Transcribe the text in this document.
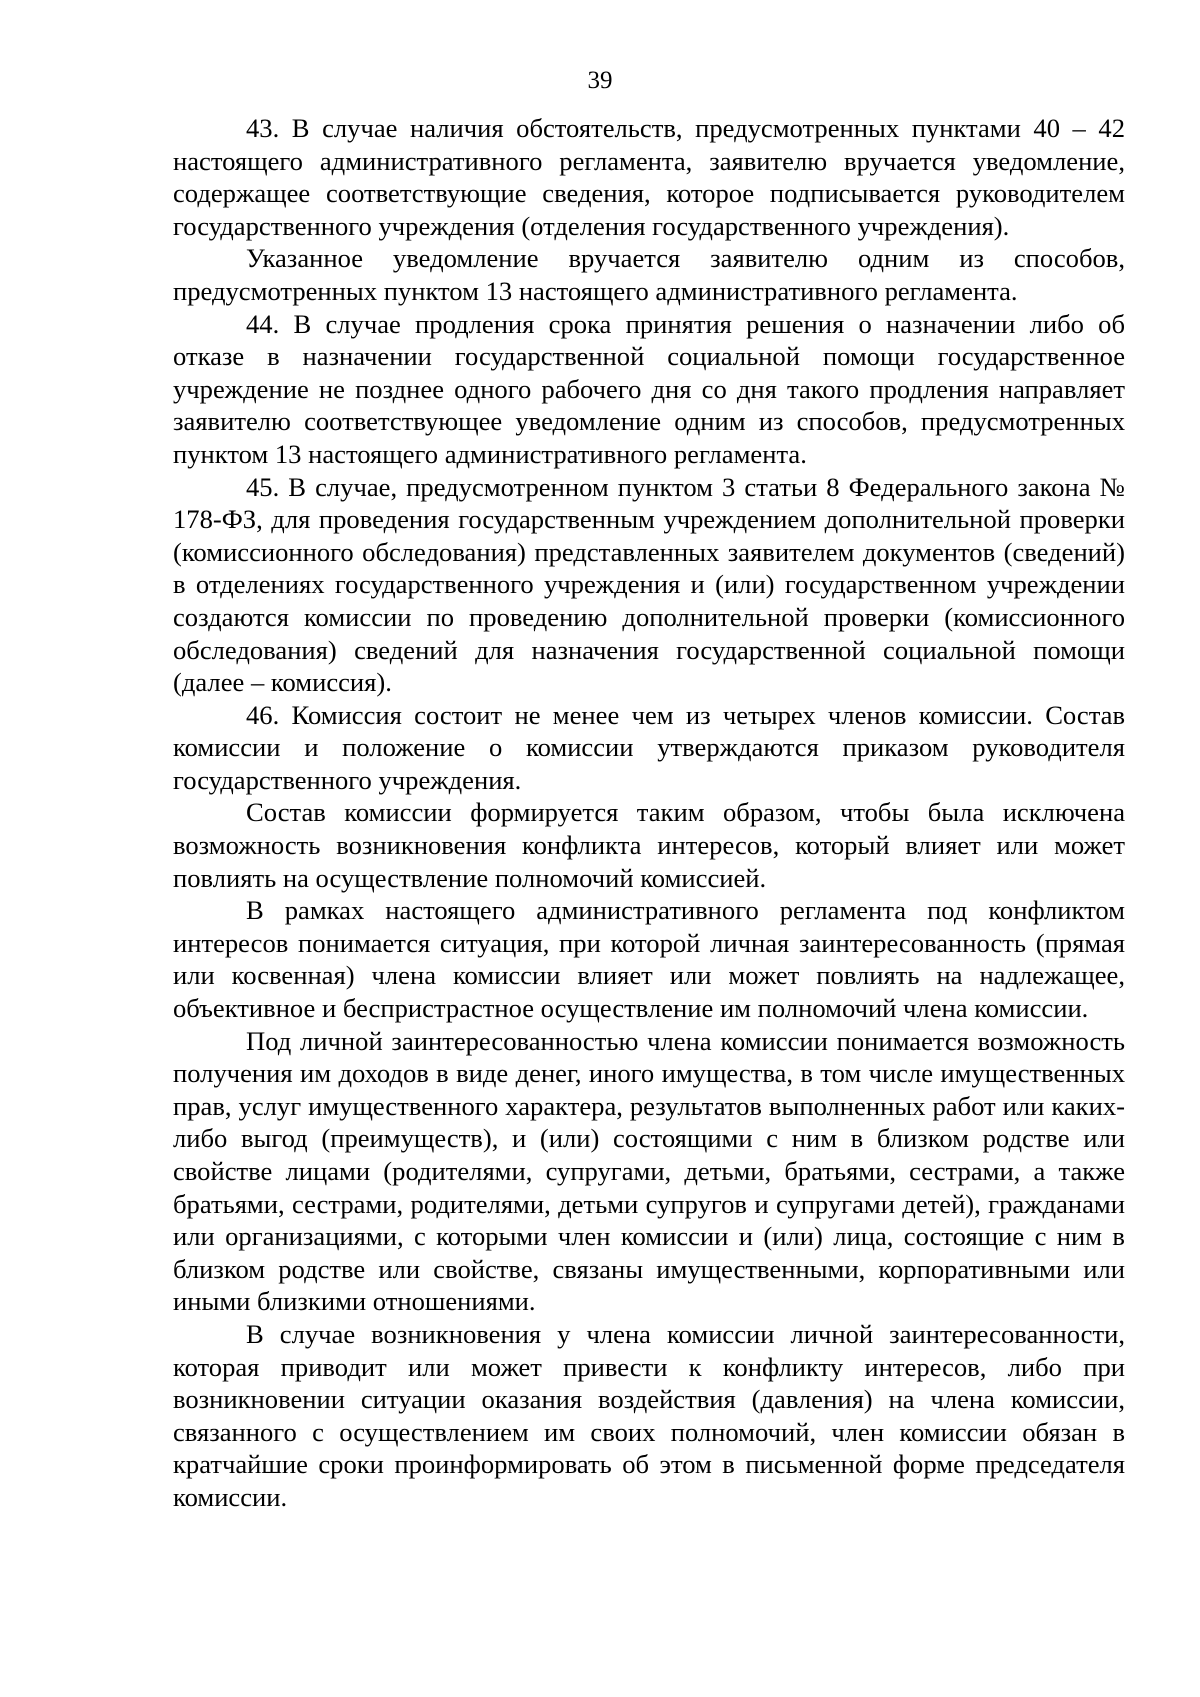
39

43. В случае наличия обстоятельств, предусмотренных пунктами 40 – 42 настоящего административного регламента, заявителю вручается уведомление, содержащее соответствующие сведения, которое подписывается руководителем государственного учреждения (отделения государственного учреждения).

Указанное уведомление вручается заявителю одним из способов, предусмотренных пунктом 13 настоящего административного регламента.

44. В случае продления срока принятия решения о назначении либо об отказе в назначении государственной социальной помощи государственное учреждение не позднее одного рабочего дня со дня такого продления направляет заявителю соответствующее уведомление одним из способов, предусмотренных пунктом 13 настоящего административного регламента.

45. В случае, предусмотренном пунктом 3 статьи 8 Федерального закона № 178-ФЗ, для проведения государственным учреждением дополнительной проверки (комиссионного обследования) представленных заявителем документов (сведений) в отделениях государственного учреждения и (или) государственном учреждении создаются комиссии по проведению дополнительной проверки (комиссионного обследования) сведений для назначения государственной социальной помощи (далее – комиссия).

46. Комиссия состоит не менее чем из четырех членов комиссии. Состав комиссии и положение о комиссии утверждаются приказом руководителя государственного учреждения.

Состав комиссии формируется таким образом, чтобы была исключена возможность возникновения конфликта интересов, который влияет или может повлиять на осуществление полномочий комиссией.

В рамках настоящего административного регламента под конфликтом интересов понимается ситуация, при которой личная заинтересованность (прямая или косвенная) члена комиссии влияет или может повлиять на надлежащее, объективное и беспристрастное осуществление им полномочий члена комиссии.

Под личной заинтересованностью члена комиссии понимается возможность получения им доходов в виде денег, иного имущества, в том числе имущественных прав, услуг имущественного характера, результатов выполненных работ или каких-либо выгод (преимуществ), и (или) состоящими с ним в близком родстве или свойстве лицами (родителями, супругами, детьми, братьями, сестрами, а также братьями, сестрами, родителями, детьми супругов и супругами детей), гражданами или организациями, с которыми член комиссии и (или) лица, состоящие с ним в близком родстве или свойстве, связаны имущественными, корпоративными или иными близкими отношениями.

В случае возникновения у члена комиссии личной заинтересованности, которая приводит или может привести к конфликту интересов, либо при возникновении ситуации оказания воздействия (давления) на члена комиссии, связанного с осуществлением им своих полномочий, член комиссии обязан в кратчайшие сроки проинформировать об этом в письменной форме председателя комиссии.
